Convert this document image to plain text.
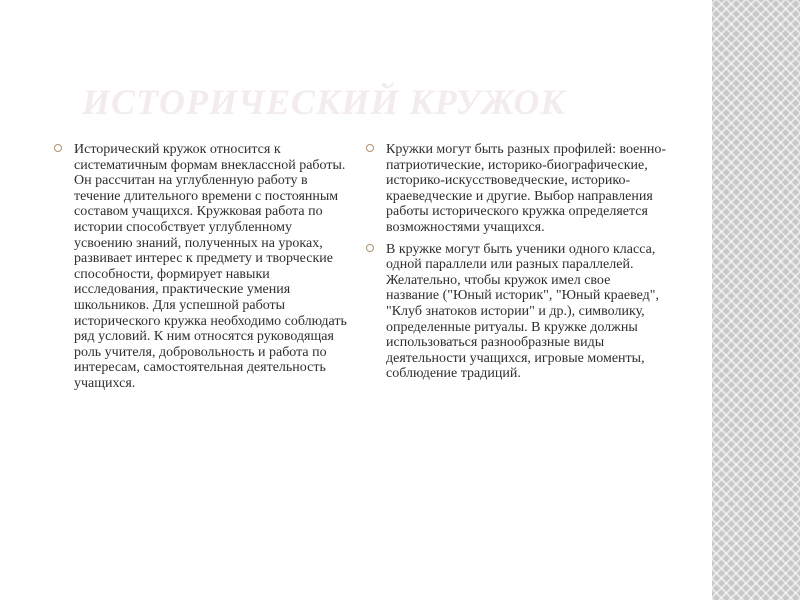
ИСТОРИЧЕСКИЙ КРУЖОК
Исторический кружок относится к систематичным формам внеклассной работы. Он рассчитан на углубленную работу в течение длительного времени с постоянным составом учащихся. Кружковая работа по истории способствует углубленному усвоению знаний, полученных на уроках, развивает интерес к предмету и творческие способности, формирует навыки исследования, практические умения школьников. Для успешной работы исторического кружка необходимо соблюдать ряд условий. К ним относятся руководящая роль учителя, добровольность и работа по интересам, самостоятельная деятельность учащихся.
Кружки могут быть разных профилей: военно-патриотические, историко-биографические, историко-искусствоведческие, историко-краеведческие и другие. Выбор направления работы исторического кружка определяется возможностями учащихся.
В кружке могут быть ученики одного класса, одной параллели или разных параллелей. Желательно, чтобы кружок имел свое название ("Юный историк", "Юный краевед", "Клуб знатоков истории" и др.), символику, определенные ритуалы. В кружке должны использоваться разнообразные виды деятельности учащихся, игровые моменты, соблюдение традиций.
